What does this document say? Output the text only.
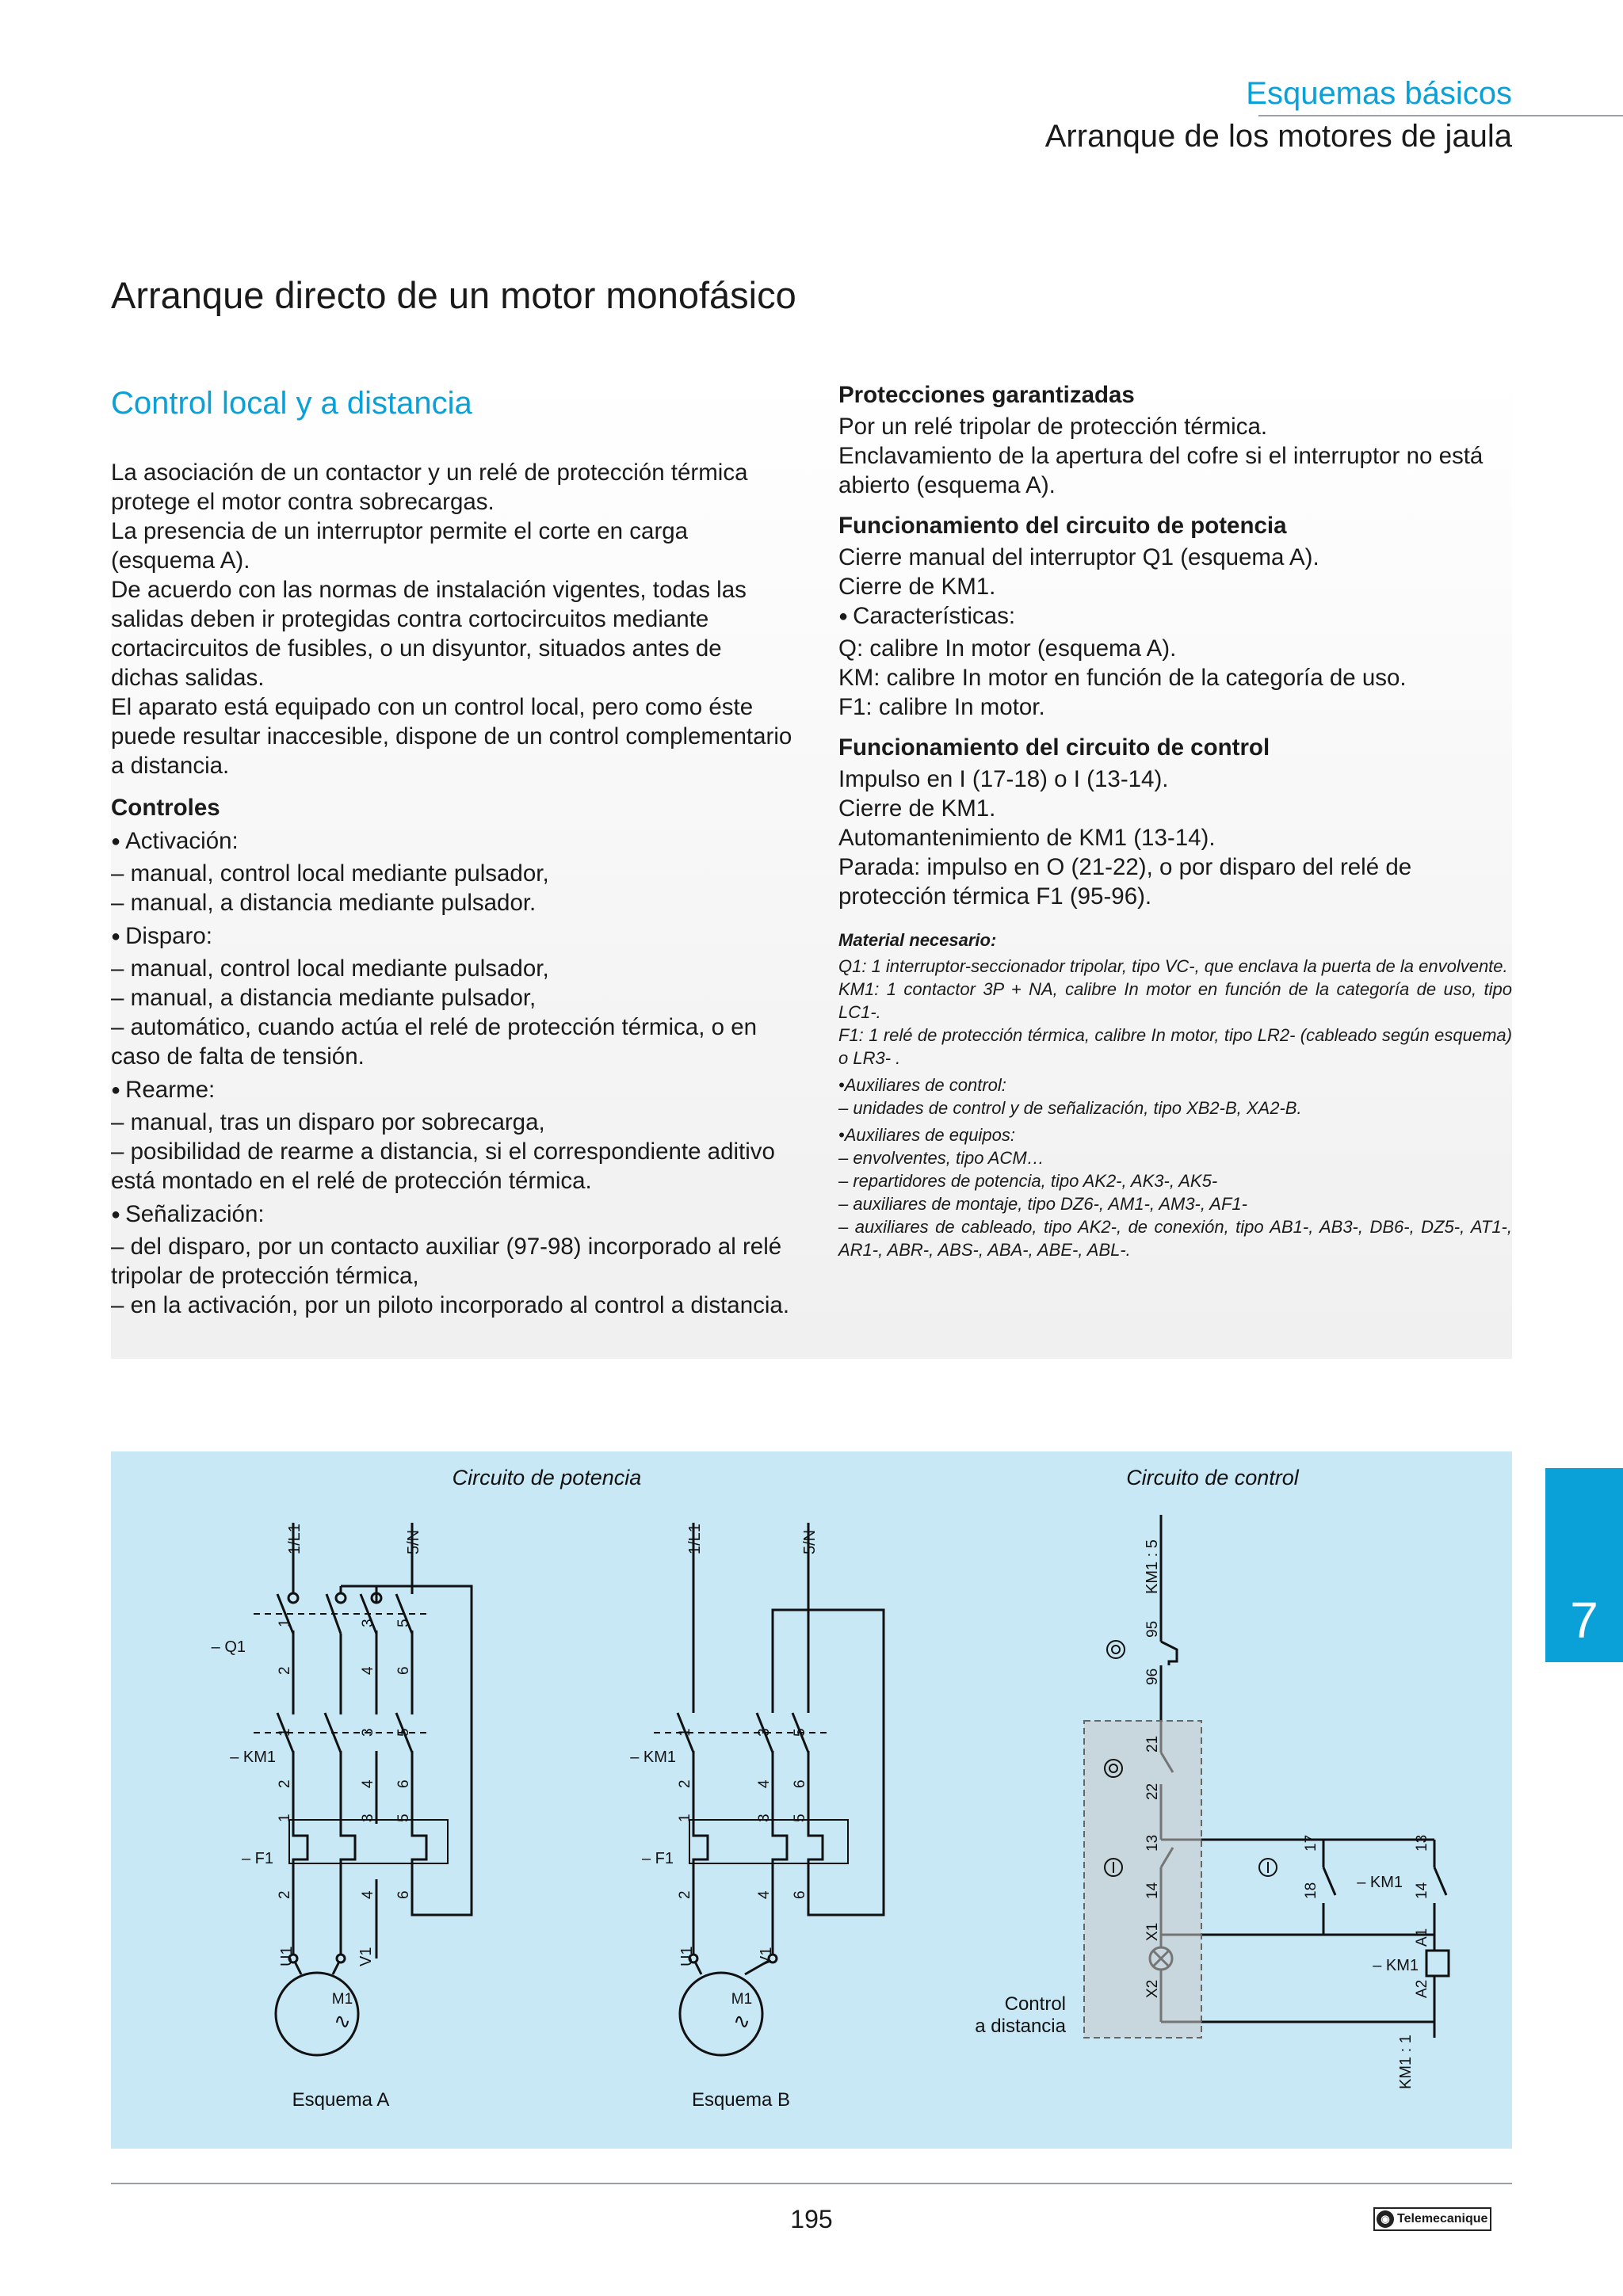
Esquemas básicos
Arranque de los motores de jaula
Arranque directo de un motor monofásico
Control local y a distancia

La asociación de un contactor y un relé de protección térmica protege el motor contra sobrecargas.

La presencia de un interruptor permite el corte en carga (esquema A).

De acuerdo con las normas de instalación vigentes, todas las salidas deben ir protegidas contra cortocircuitos mediante cortacircuitos de fusibles, o un disyuntor, situados antes de dichas salidas.

El aparato está equipado con un control local, pero como éste puede resultar inaccesible, dispone de un control complementario a distancia.

Controles
● Activación:

– manual, control local mediante pulsador,

– manual, a distancia mediante pulsador.

● Disparo:

– manual, control local mediante pulsador,

– manual, a distancia mediante pulsador,

– automático, cuando actúa el relé de protección térmica, o en caso de falta de tensión.

● Rearme:

– manual, tras un disparo por sobrecarga,

– posibilidad de rearme a distancia, si el correspondiente aditivo está montado en el relé de protección térmica.

● Señalización:

– del disparo, por un contacto auxiliar (97-98) incorporado al relé tripolar de protección térmica,

– en la activación, por un piloto incorporado al control a distancia.

Protecciones garantizadas

Por un relé tripolar de protección térmica.

Enclavamiento de la apertura del cofre si el interruptor no está abierto (esquema A).

Funcionamiento del circuito de potencia

Cierre manual del interruptor Q1 (esquema A).

Cierre de KM1.

● Características:

Q: calibre In motor (esquema A).

KM: calibre In motor en función de la categoría de uso.

F1: calibre In motor.

Funcionamiento del circuito de control

Impulso en I (17-18) o I (13-14).

Cierre de KM1.

Automantenimiento de KM1 (13-14).

Parada: impulso en O (21-22), o por disparo del relé de protección térmica F1 (95-96).

Material necesario:

Q1: 1 interruptor-seccionador tripolar, tipo VC-, que enclava la puerta de la envolvente.

KM1: 1 contactor 3P + NA, calibre In motor en función de la categoría de uso, tipo LC1-.

F1: 1 relé de protección térmica, calibre In motor, tipo LR2- (cableado según esquema) o LR3- .

• Auxiliares de control:

– unidades de control y de señalización, tipo XB2-B, XA2-B.

• Auxiliares de equipos:

– envolventes, tipo ACM…

– repartidores de potencia, tipo AK2-, AK3-, AK5-

– auxiliares de montaje, tipo DZ6-, AM1-, AM3-, AF1-

– auxiliares de cableado, tipo AK2-, de conexión, tipo AB1-, AB3-, DB6-, DZ5-, AT1-, AR1-, ABR-, ABS-, ABA-, ABE-, ABL-.

Circuito de potencia	Circuito de control
1/L1	5/N	1/L1	5/N
– Q1
– KM1
– F1
– KM1
– F1
U1	V1	U1	V1
M1
∿
M1
∿
Esquema A	Esquema B
Control
a distancia
KM1 : 5
KM1 : 1
– KM1
– KM1
1
2
3
4
5
6
1
2
3
4
5
6
1
2
3
4
5
6
1
2
3
4
5
6
1
2
3
4
5
6
95
96
21
22
13
14
17
18
13
14
X1
X2
A1
A2
7
195	◉ Telemecanique
